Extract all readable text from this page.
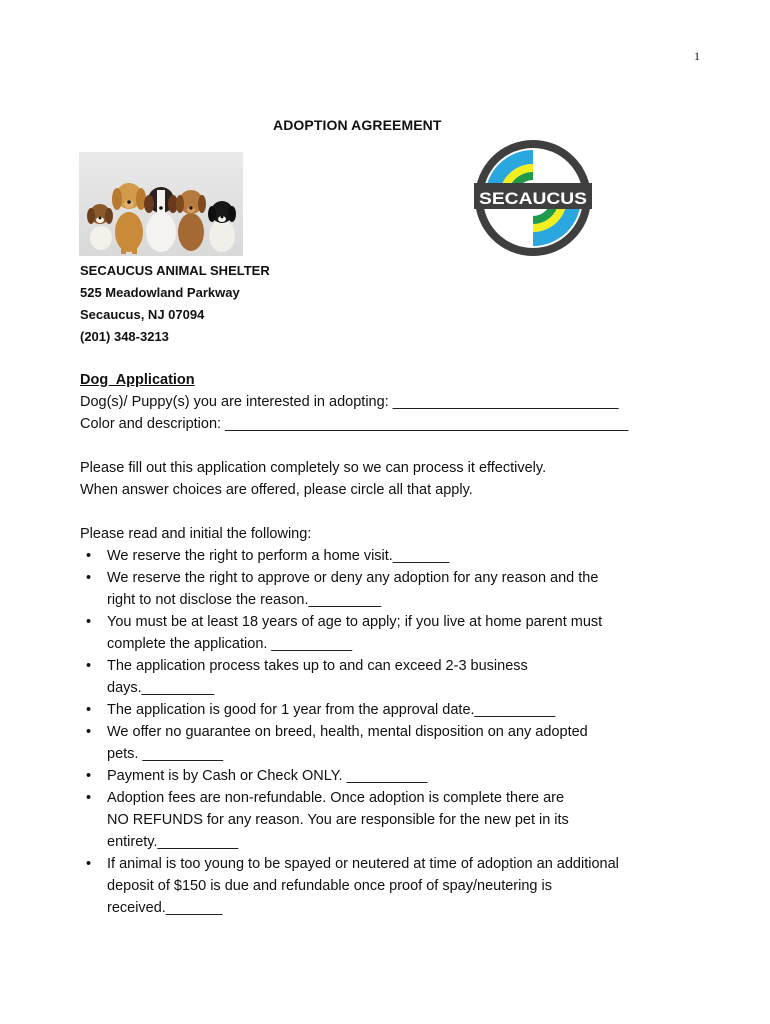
1
ADOPTION AGREEMENT
SECAUCUS
SECAUCUS ANIMAL SHELTER
525 Meadowland Parkway
Secaucus, NJ 07094
(201) 348-3213
Dog  Application
Dog(s)/ Puppy(s) you are interested in adopting: ____________________________
Color and description: __________________________________________________
Please fill out this application completely so we can process it effectively.
When answer choices are offered, please circle all that apply.
Please read and initial the following:
• We reserve the right to perform a home visit._______
• We reserve the right to approve or deny any adoption for any reason and the
right to not disclose the reason._________
• You must be at least 18 years of age to apply; if you live at home parent must
complete the application. __________
• The application process takes up to and can exceed 2-3 business
days._________
• The application is good for 1 year from the approval date.__________
• We offer no guarantee on breed, health, mental disposition on any adopted
pets. __________
• Payment is by Cash or Check ONLY. __________
• Adoption fees are non-refundable. Once adoption is complete there are
NO REFUNDS for any reason. You are responsible for the new pet in its
entirety.__________
• If animal is too young to be spayed or neutered at time of adoption an additional
deposit of $150 is due and refundable once proof of spay/neutering is
received._______
